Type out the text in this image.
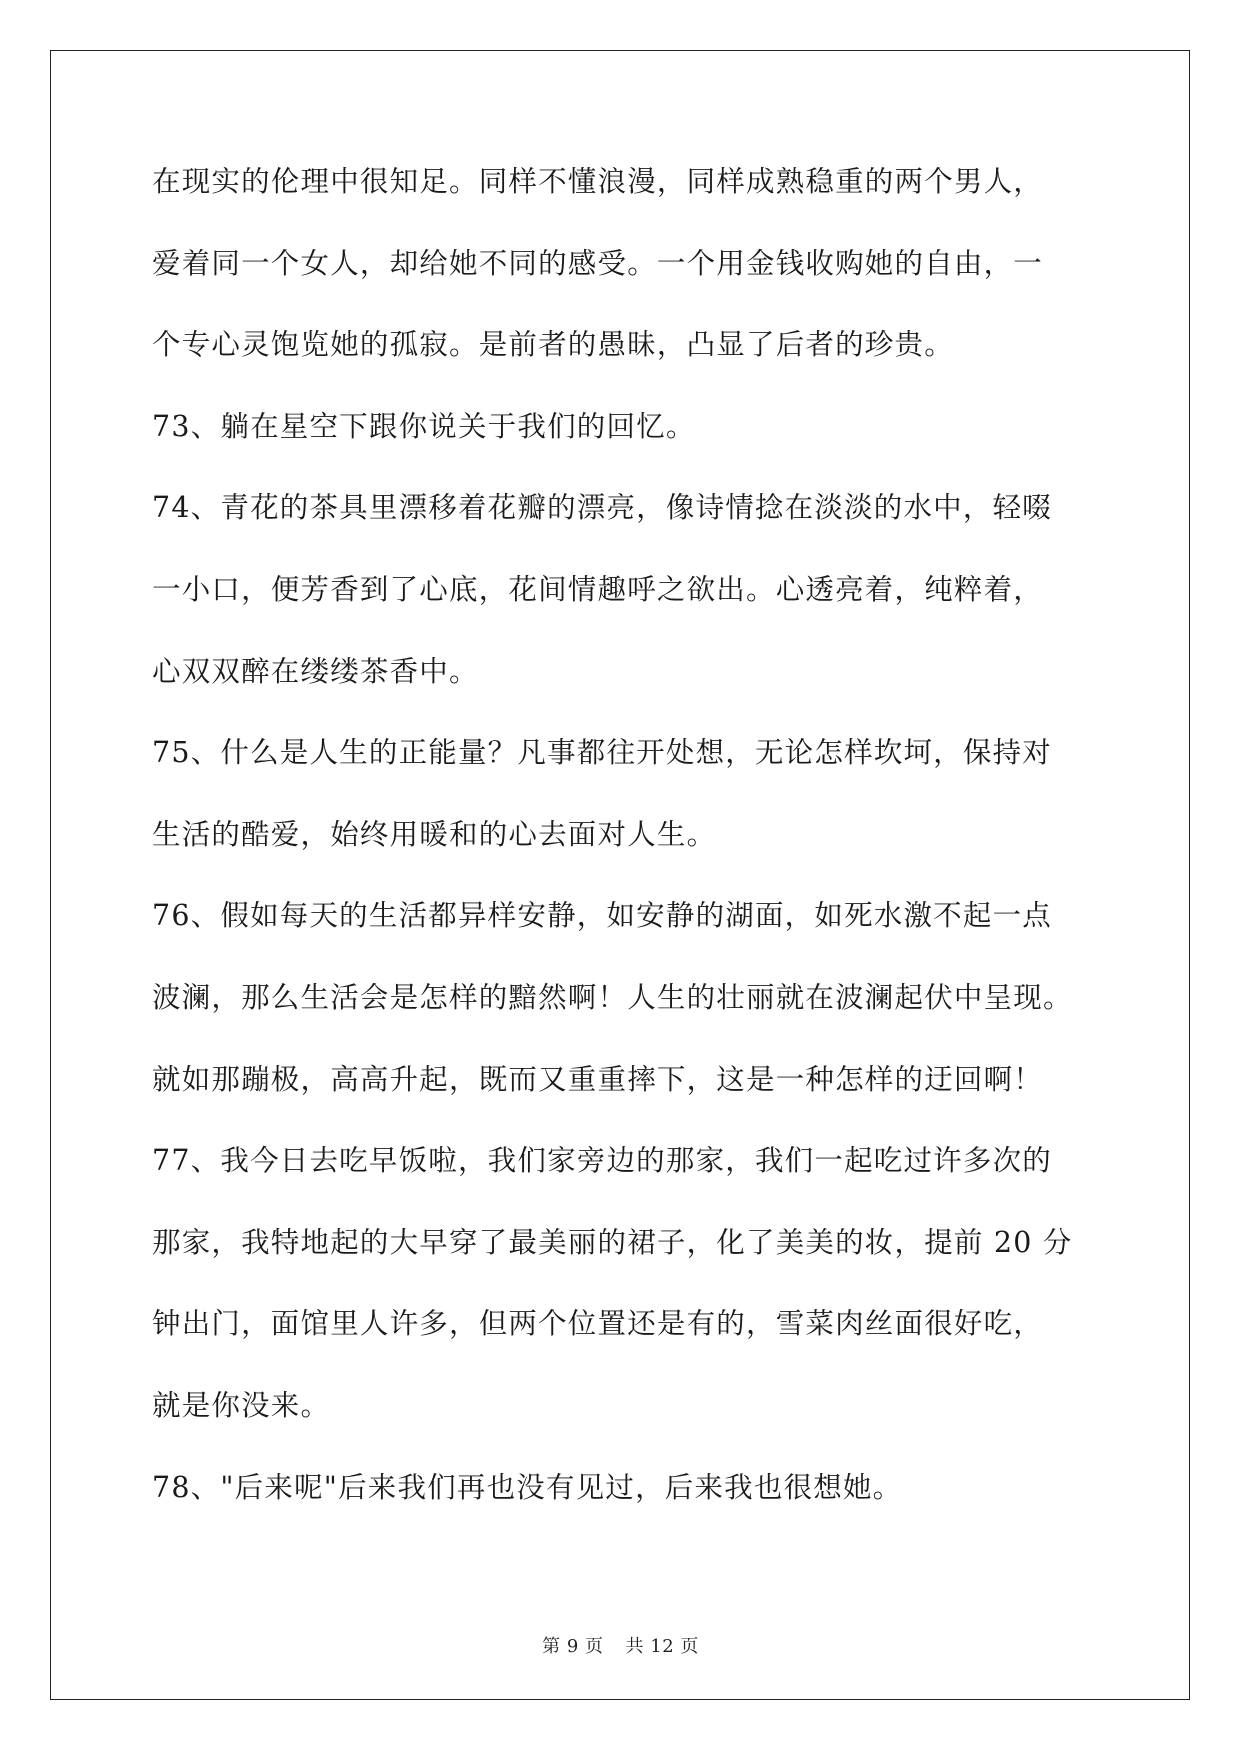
在现实的伦理中很知足。同样不懂浪漫，同样成熟稳重的两个男人，
爱着同一个女人，却给她不同的感受。一个用金钱收购她的自由，一
个专心灵饱览她的孤寂。是前者的愚昧，凸显了后者的珍贵。
73、躺在星空下跟你说关于我们的回忆。
74、青花的茶具里漂移着花瓣的漂亮，像诗情捻在淡淡的水中，轻啜
一小口，便芳香到了心底，花间情趣呼之欲出。心透亮着，纯粹着，
心双双醉在缕缕茶香中。
75、什么是人生的正能量？凡事都往开处想，无论怎样坎坷，保持对
生活的酷爱，始终用暖和的心去面对人生。
76、假如每天的生活都异样安静，如安静的湖面，如死水激不起一点
波澜，那么生活会是怎样的黯然啊！人生的壮丽就在波澜起伏中呈现。
就如那蹦极，高高升起，既而又重重摔下，这是一种怎样的迂回啊！
77、我今日去吃早饭啦，我们家旁边的那家，我们一起吃过许多次的
那家，我特地起的大早穿了最美丽的裙子，化了美美的妆，提前 20 分
钟出门，面馆里人许多，但两个位置还是有的，雪菜肉丝面很好吃，
就是你没来。
78、"后来呢"后来我们再也没有见过，后来我也很想她。
第 9 页 共 12 页
